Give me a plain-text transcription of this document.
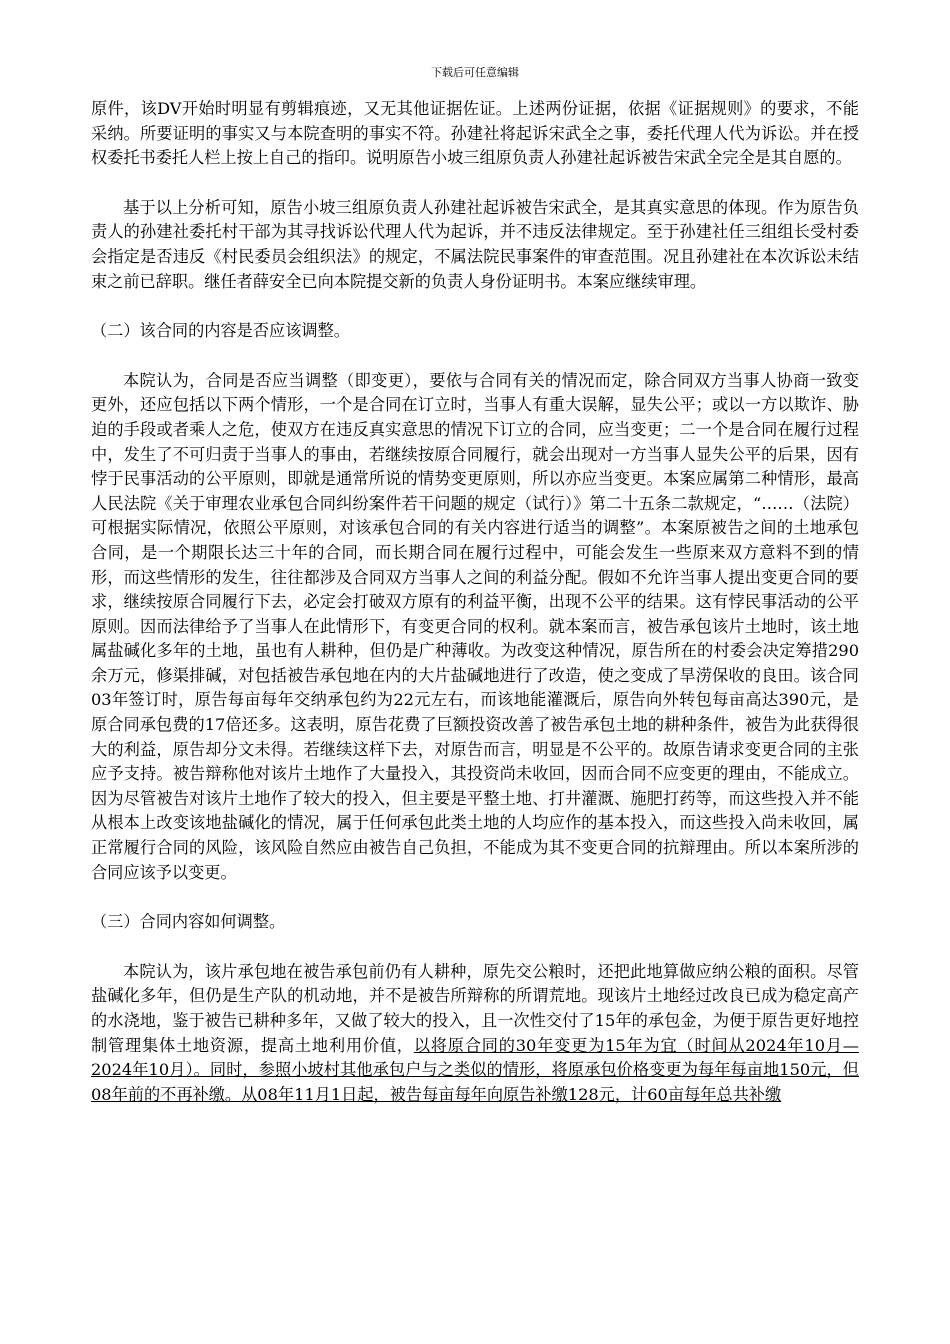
下载后可任意编辑

原件，该DV开始时明显有剪辑痕迹，又无其他证据佐证。上述两份证据，依据《证据规则》的要求，不能采纳。所要证明的事实又与本院查明的事实不符。孙建社将起诉宋武全之事，委托代理人代为诉讼。并在授权委托书委托人栏上按上自己的指印。说明原告小坡三组原负责人孙建社起诉被告宋武全完全是其自愿的。

基于以上分析可知，原告小坡三组原负责人孙建社起诉被告宋武全，是其真实意思的体现。作为原告负责人的孙建社委托村干部为其寻找诉讼代理人代为起诉，并不违反法律规定。至于孙建社任三组组长受村委会指定是否违反《村民委员会组织法》的规定，不属法院民事案件的审查范围。况且孙建社在本次诉讼未结束之前已辞职。继任者薛安全已向本院提交新的负责人身份证明书。本案应继续审理。

（二）该合同的内容是否应该调整。

本院认为，合同是否应当调整（即变更），要依与合同有关的情况而定，除合同双方当事人协商一致变更外，还应包括以下两个情形，一个是合同在订立时，当事人有重大误解，显失公平；或以一方以欺诈、胁迫的手段或者乘人之危，使双方在违反真实意思的情况下订立的合同，应当变更；二一个是合同在履行过程中，发生了不可归责于当事人的事由，若继续按原合同履行，就会出现对一方当事人显失公平的后果，因有悖于民事活动的公平原则，即就是通常所说的情势变更原则，所以亦应当变更。本案应属第二种情形，最高人民法院《关于审理农业承包合同纠纷案件若干问题的规定（试行）》第二十五条二款规定，“……（法院）可根据实际情况，依照公平原则，对该承包合同的有关内容进行适当的调整”。本案原被告之间的土地承包合同，是一个期限长达三十年的合同，而长期合同在履行过程中，可能会发生一些原来双方意料不到的情形，而这些情形的发生，往往都涉及合同双方当事人之间的利益分配。假如不允许当事人提出变更合同的要求，继续按原合同履行下去，必定会打破双方原有的利益平衡，出现不公平的结果。这有悖民事活动的公平原则。因而法律给予了当事人在此情形下，有变更合同的权利。就本案而言，被告承包该片土地时，该土地属盐碱化多年的土地，虽也有人耕种，但仍是广种薄收。为改变这种情况，原告所在的村委会决定筹措290余万元，修渠排碱，对包括被告承包地在内的大片盐碱地进行了改造，使之变成了旱涝保收的良田。该合同03年签订时，原告每亩每年交纳承包约为22元左右，而该地能灌溉后，原告向外转包每亩高达390元，是原合同承包费的17倍还多。这表明，原告花费了巨额投资改善了被告承包土地的耕种条件，被告为此获得很大的利益，原告却分文未得。若继续这样下去，对原告而言，明显是不公平的。故原告请求变更合同的主张应予支持。被告辩称他对该片土地作了大量投入，其投资尚未收回，因而合同不应变更的理由，不能成立。因为尽管被告对该片土地作了较大的投入，但主要是平整土地、打井灌溉、施肥打药等，而这些投入并不能从根本上改变该地盐碱化的情况，属于任何承包此类土地的人均应作的基本投入，而这些投入尚未收回，属正常履行合同的风险，该风险自然应由被告自己负担，不能成为其不变更合同的抗辩理由。所以本案所涉的合同应该予以变更。

（三）合同内容如何调整。

本院认为，该片承包地在被告承包前仍有人耕种，原先交公粮时，还把此地算做应纳公粮的面积。尽管盐碱化多年，但仍是生产队的机动地，并不是被告所辩称的所谓荒地。现该片土地经过改良已成为稳定高产的水浇地，鉴于被告已耕种多年，又做了较大的投入，且一次性交付了15年的承包金，为便于原告更好地控制管理集体土地资源，提高土地利用价值，以将原合同的30年变更为15年为宜（时间从2024年10月—2024年10月）。同时，参照小坡村其他承包户与之类似的情形，将原承包价格变更为每年每亩地150元，但08年前的不再补缴。从08年11月1日起，被告每亩每年向原告补缴128元，计60亩每年总共补缴
